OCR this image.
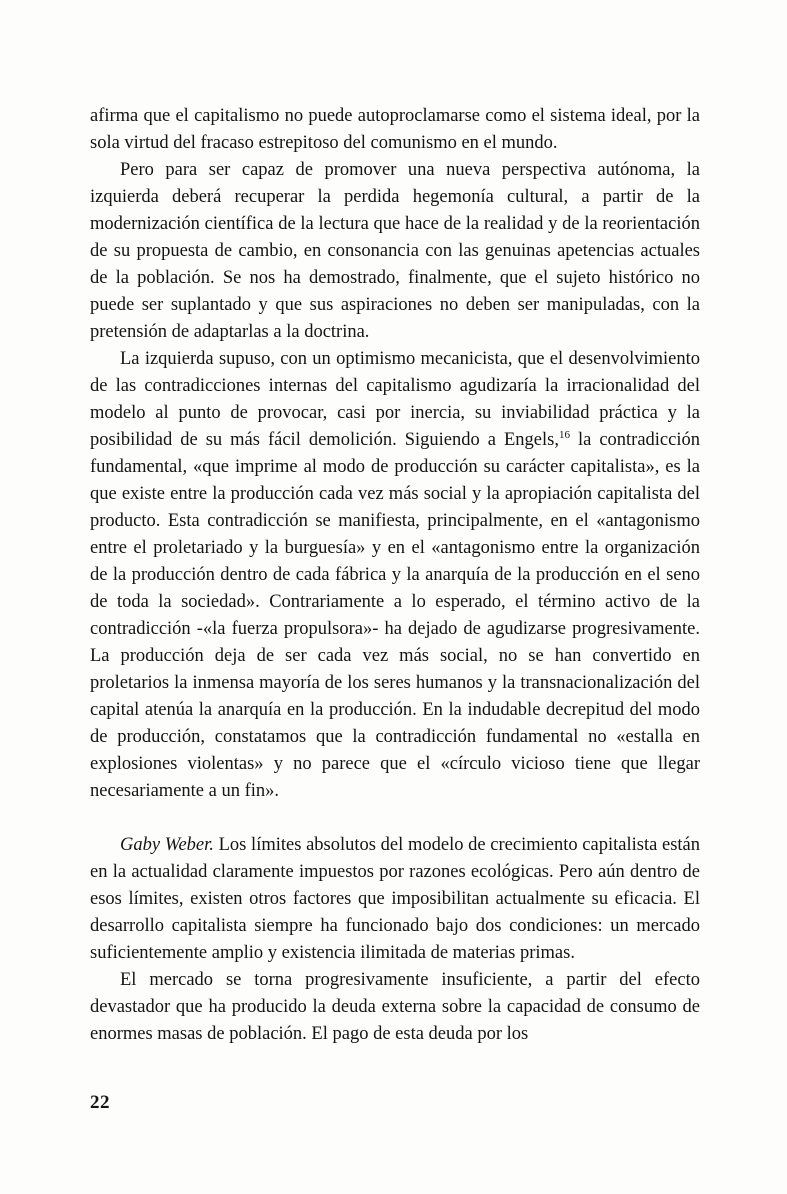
afirma que el capitalismo no puede autoproclamarse como el sistema ideal, por la sola virtud del fracaso estrepitoso del comunismo en el mundo.

Pero para ser capaz de promover una nueva perspectiva autónoma, la izquierda deberá recuperar la perdida hegemonía cultural, a partir de la modernización científica de la lectura que hace de la realidad y de la reorientación de su propuesta de cambio, en consonancia con las genuinas apetencias actuales de la población. Se nos ha demostrado, finalmente, que el sujeto histórico no puede ser suplantado y que sus aspiraciones no deben ser manipuladas, con la pretensión de adaptarlas a la doctrina.

La izquierda supuso, con un optimismo mecanicista, que el desenvolvimiento de las contradicciones internas del capitalismo agudizaría la irracionalidad del modelo al punto de provocar, casi por inercia, su inviabilidad práctica y la posibilidad de su más fácil demolición. Siguiendo a Engels,$^{16}$ la contradicción fundamental, «que imprime al modo de producción su carácter capitalista», es la que existe entre la producción cada vez más social y la apropiación capitalista del producto. Esta contradicción se manifiesta, principalmente, en el «antagonismo entre el proletariado y la burguesía» y en el «antagonismo entre la organización de la producción dentro de cada fábrica y la anarquía de la producción en el seno de toda la sociedad». Contrariamente a lo esperado, el término activo de la contradicción -«la fuerza propulsora»- ha dejado de agudizarse progresivamente. La producción deja de ser cada vez más social, no se han convertido en proletarios la inmensa mayoría de los seres humanos y la transnacionalización del capital atenúa la anarquía en la producción. En la indudable decrepitud del modo de producción, constatamos que la contradicción fundamental no «estalla en explosiones violentas» y no parece que el «círculo vicioso tiene que llegar necesariamente a un fin».

Gaby Weber. Los límites absolutos del modelo de crecimiento capitalista están en la actualidad claramente impuestos por razones ecológicas. Pero aún dentro de esos límites, existen otros factores que imposibilitan actualmente su eficacia. El desarrollo capitalista siempre ha funcionado bajo dos condiciones: un mercado suficientemente amplio y existencia ilimitada de materias primas.

El mercado se torna progresivamente insuficiente, a partir del efecto devastador que ha producido la deuda externa sobre la capacidad de consumo de enormes masas de población. El pago de esta deuda por los

22
